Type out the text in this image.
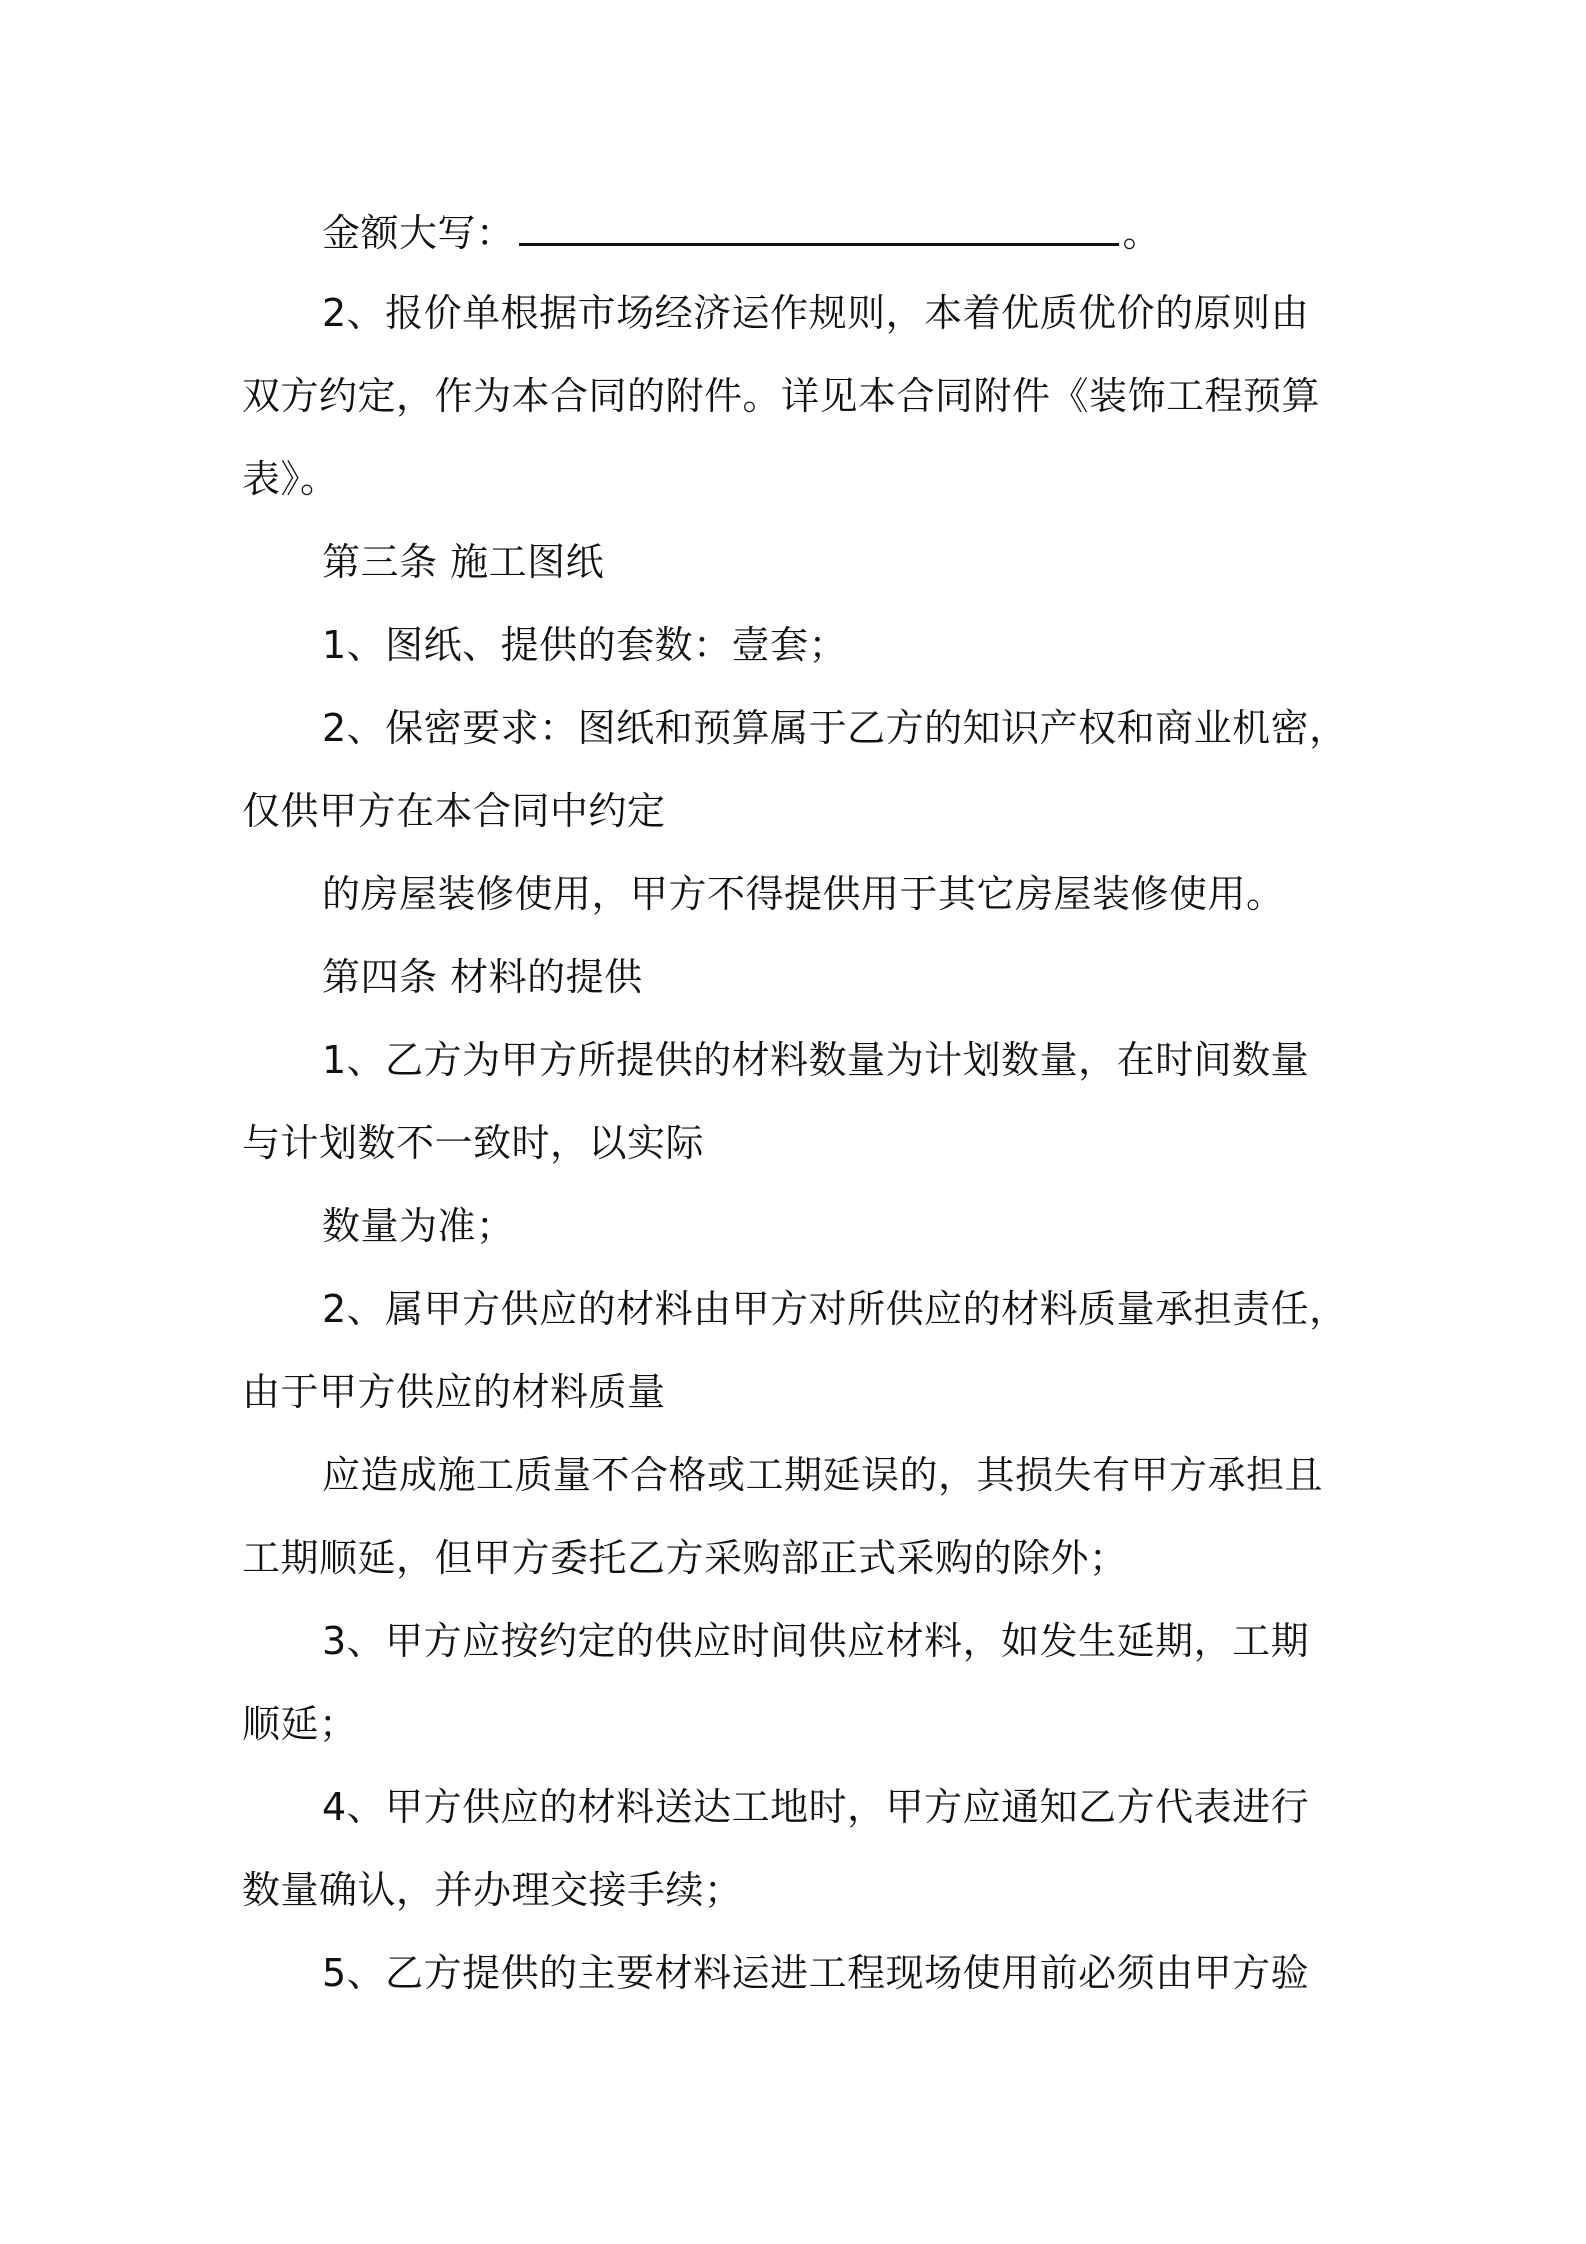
金额大写：	。
2、报价单根据市场经济运作规则，本着优质优价的原则由
双方约定，作为本合同的附件。详见本合同附件《装饰工程预算
表》。
第三条 施工图纸
1、图纸、提供的套数：壹套；
2、保密要求：图纸和预算属于乙方的知识产权和商业机密，
仅供甲方在本合同中约定
的房屋装修使用，甲方不得提供用于其它房屋装修使用。
第四条 材料的提供
1、乙方为甲方所提供的材料数量为计划数量，在时间数量
与计划数不一致时，以实际
数量为准；
2、属甲方供应的材料由甲方对所供应的材料质量承担责任，
由于甲方供应的材料质量
应造成施工质量不合格或工期延误的，其损失有甲方承担且
工期顺延，但甲方委托乙方采购部正式采购的除外；
3、甲方应按约定的供应时间供应材料，如发生延期，工期
顺延；
4、甲方供应的材料送达工地时，甲方应通知乙方代表进行
数量确认，并办理交接手续；
5、乙方提供的主要材料运进工程现场使用前必须由甲方验
